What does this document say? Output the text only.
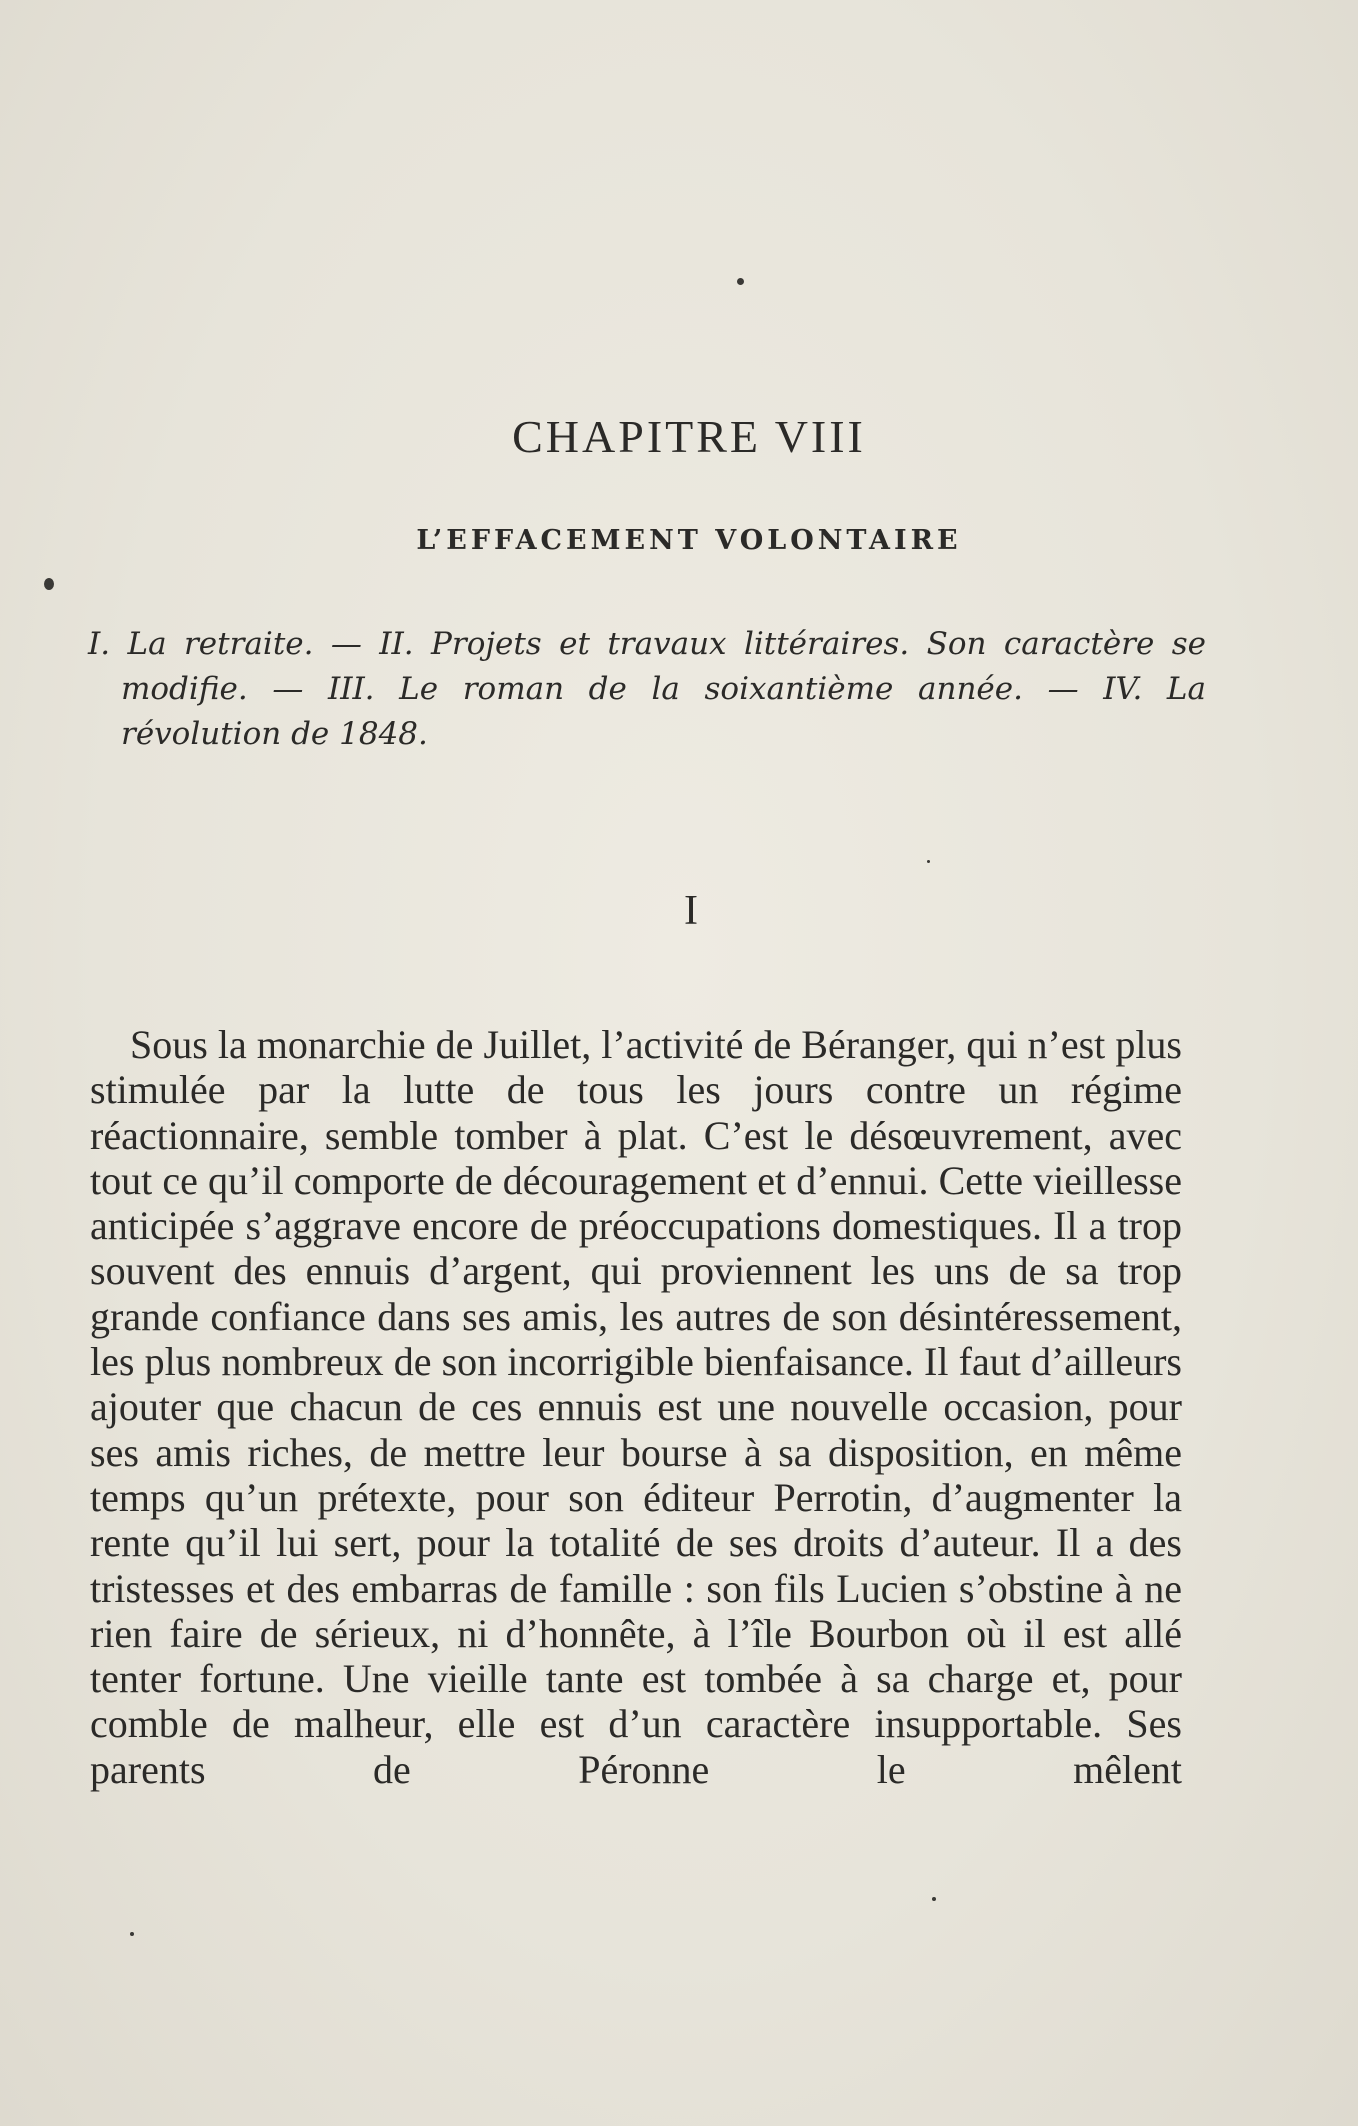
CHAPITRE VIII
L’EFFACEMENT VOLONTAIRE

I. La retraite. — II. Projets et travaux littéraires. Son caractère se modifie. — III. Le roman de la soixantième année. — IV. La révolution de 1848.

I

Sous la monarchie de Juillet, l’activité de Béranger, qui n’est plus stimulée par la lutte de tous les jours contre un régime réactionnaire, semble tomber à plat. C’est le désœuvrement, avec tout ce qu’il comporte de découragement et d’ennui. Cette vieillesse anticipée s’aggrave encore de préoccupations domestiques. Il a trop souvent des ennuis d’argent, qui proviennent les uns de sa trop grande confiance dans ses amis, les autres de son désintéressement, les plus nombreux de son incorrigible bienfaisance. Il faut d’ailleurs ajouter que chacun de ces ennuis est une nouvelle occasion, pour ses amis riches, de mettre leur bourse à sa disposition, en même temps qu’un prétexte, pour son éditeur Perrotin, d’augmenter la rente qu’il lui sert, pour la totalité de ses droits d’auteur. Il a des tristesses et des embarras de famille : son fils Lucien s’obstine à ne rien faire de sérieux, ni d’honnête, à l’île Bourbon où il est allé tenter fortune. Une vieille tante est tombée à sa charge et, pour comble de malheur, elle est d’un caractère insupportable. Ses parents de Péronne le mêlent
